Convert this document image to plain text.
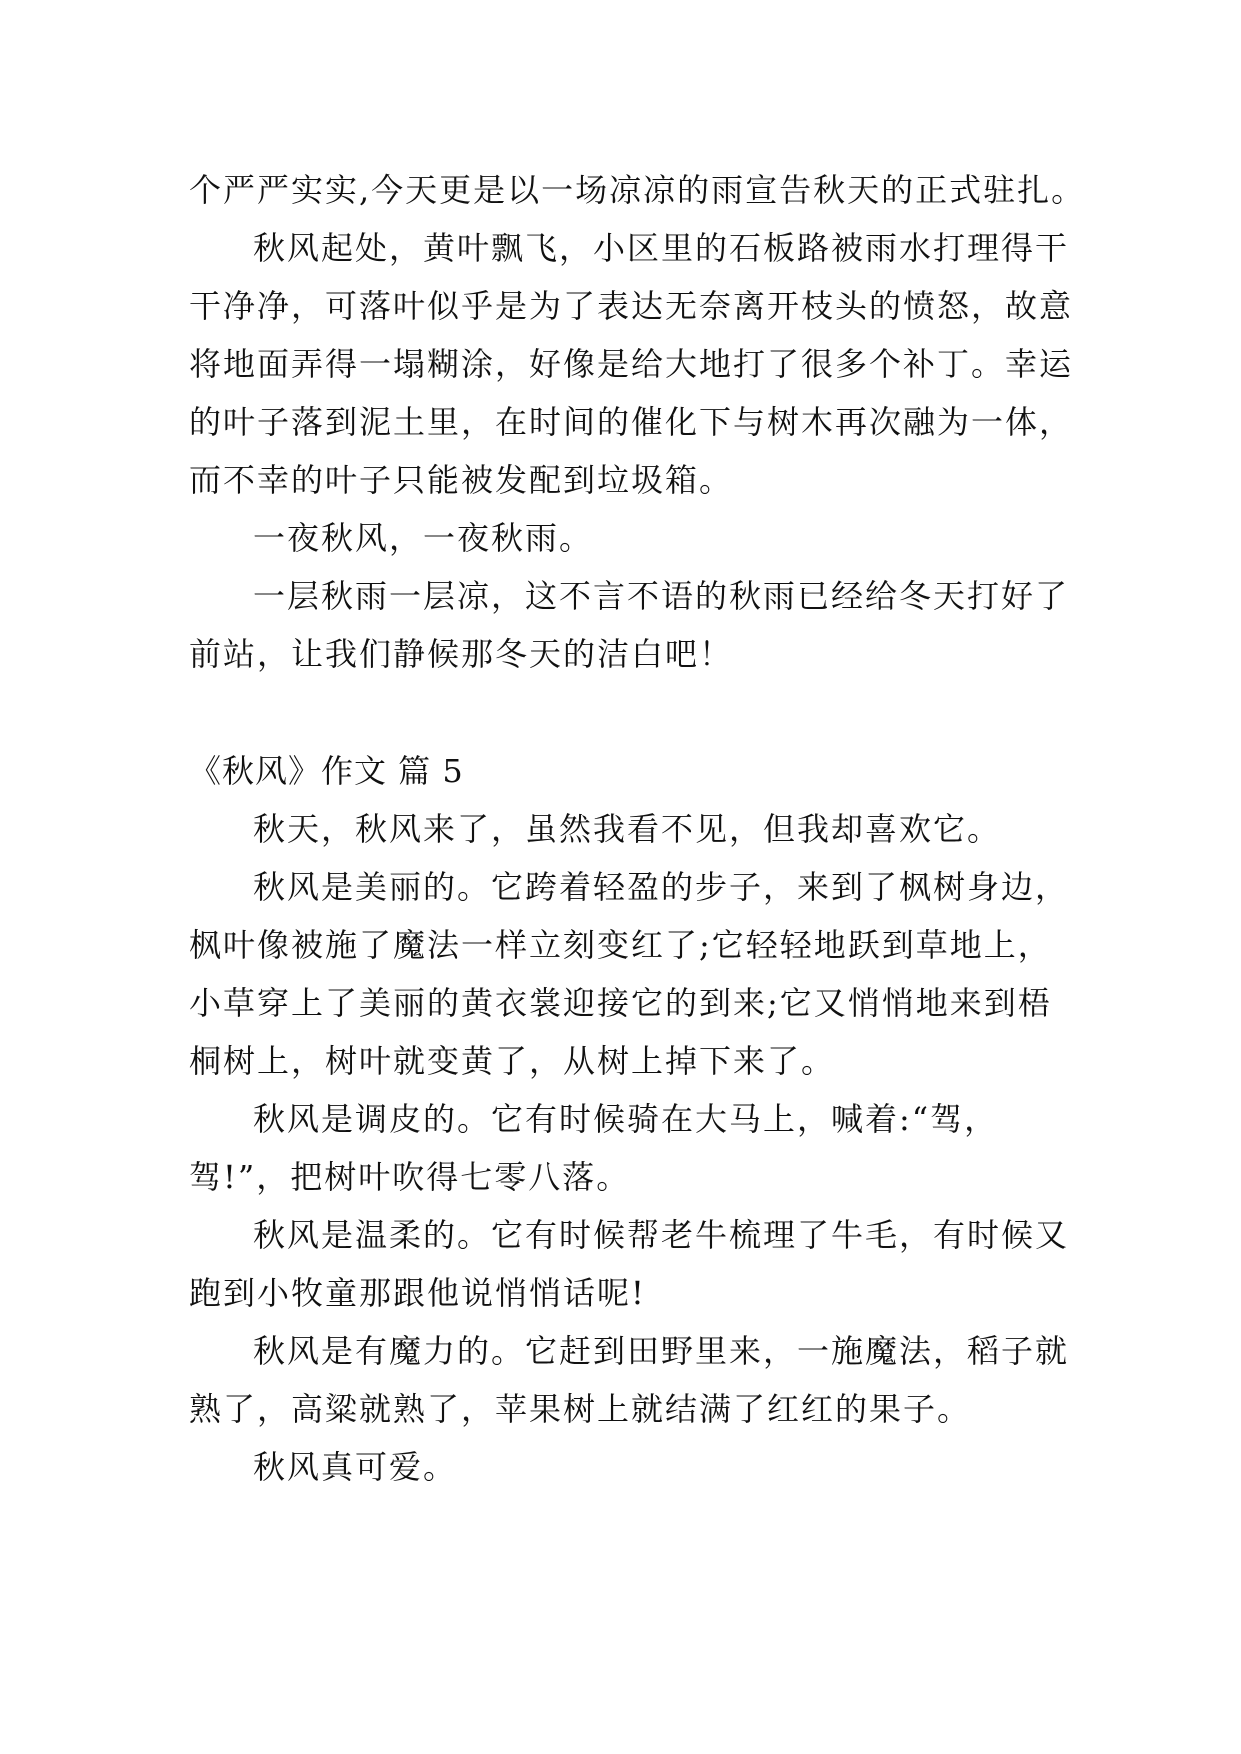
个严严实实,今天更是以一场凉凉的雨宣告秋天的正式驻扎。
秋风起处，黄叶飘飞，小区里的石板路被雨水打理得干
干净净，可落叶似乎是为了表达无奈离开枝头的愤怒，故意
将地面弄得一塌糊涂，好像是给大地打了很多个补丁。幸运
的叶子落到泥土里，在时间的催化下与树木再次融为一体，
而不幸的叶子只能被发配到垃圾箱。
一夜秋风，一夜秋雨。
一层秋雨一层凉，这不言不语的秋雨已经给冬天打好了
前站，让我们静候那冬天的洁白吧！
《秋风》作文 篇 5
秋天，秋风来了，虽然我看不见，但我却喜欢它。
秋风是美丽的。它跨着轻盈的步子，来到了枫树身边，
枫叶像被施了魔法一样立刻变红了;它轻轻地跃到草地上，
小草穿上了美丽的黄衣裳迎接它的到来;它又悄悄地来到梧
桐树上，树叶就变黄了，从树上掉下来了。
秋风是调皮的。它有时候骑在大马上，喊着:“驾，
驾!”，把树叶吹得七零八落。
秋风是温柔的。它有时候帮老牛梳理了牛毛，有时候又
跑到小牧童那跟他说悄悄话呢!
秋风是有魔力的。它赶到田野里来，一施魔法，稻子就
熟了，高粱就熟了，苹果树上就结满了红红的果子。
秋风真可爱。
